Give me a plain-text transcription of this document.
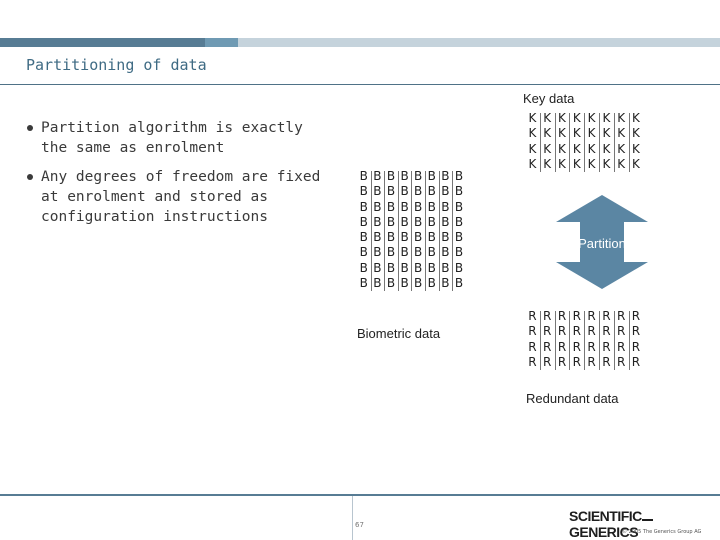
Partitioning of data
Partition algorithm is exactly the same as enrolment
Any degrees of freedom are fixed at enrolment and stored as configuration instructions
B B B B B B B B
B B B B B B B B
B B B B B B B B
B B B B B B B B
B B B B B B B B
B B B B B B B B
B B B B B B B B
B B B B B B B B
Biometric data
Key data
K K K K K K K K
K K K K K K K K
K K K K K K K K
K K K K K K K K
Partition
R R R R R R R R
R R R R R R R R
R R R R R R R R
R R R R R R R R
Redundant data
67
SCIENTIFICGENERICS
© 2005 The Generics Group AG
